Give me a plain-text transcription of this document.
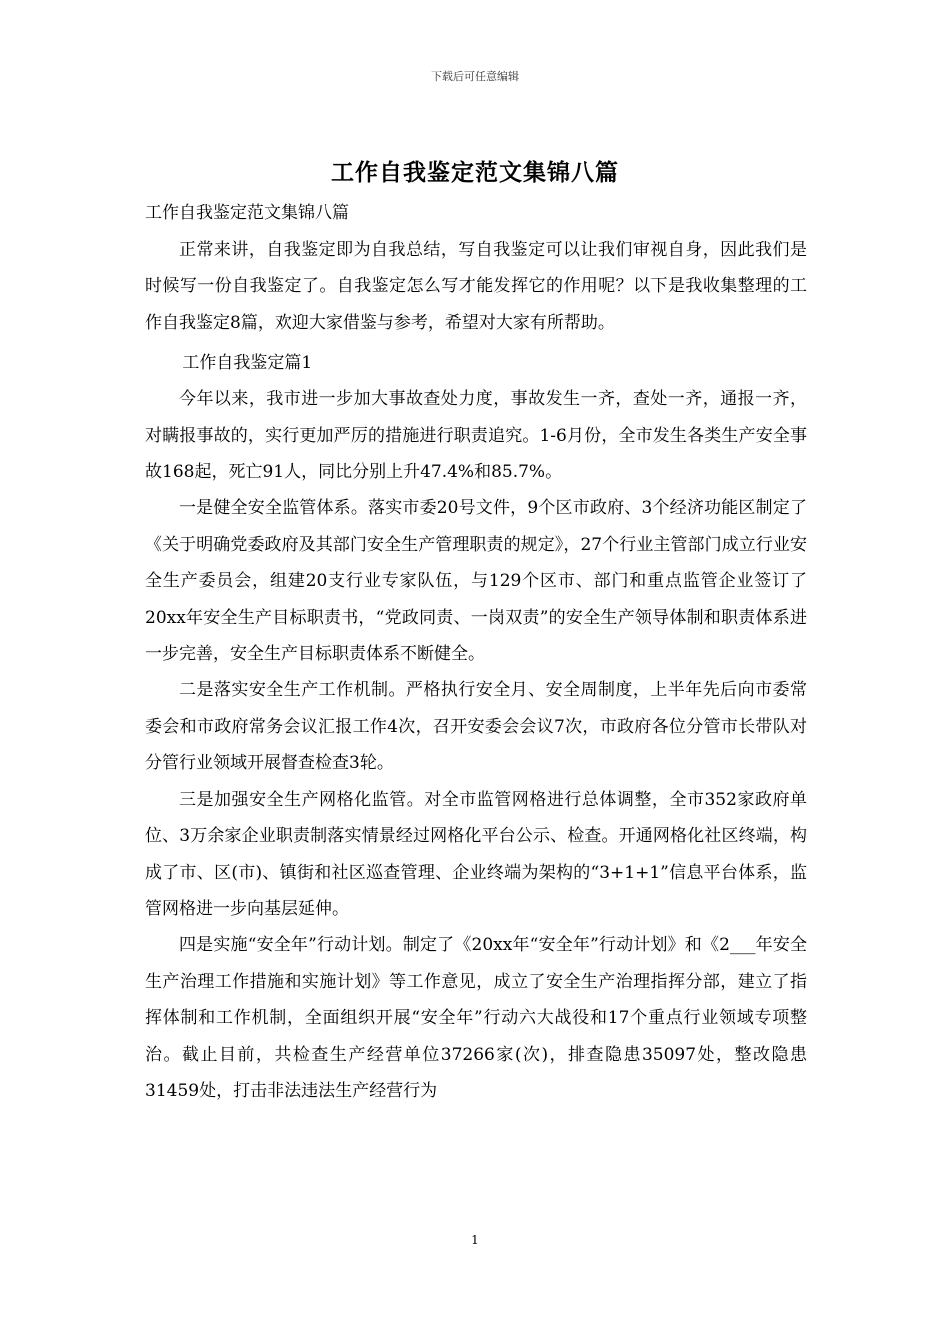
下载后可任意编辑
工作自我鉴定范文集锦八篇

工作自我鉴定范文集锦八篇

正常来讲，自我鉴定即为自我总结，写自我鉴定可以让我们审视自身，因此我们是时候写一份自我鉴定了。自我鉴定怎么写才能发挥它的作用呢？以下是我收集整理的工作自我鉴定8篇，欢迎大家借鉴与参考，希望对大家有所帮助。

工作自我鉴定篇1

今年以来，我市进一步加大事故查处力度，事故发生一齐，查处一齐，通报一齐，对瞒报事故的，实行更加严厉的措施进行职责追究。1-6月份，全市发生各类生产安全事故168起，死亡91人，同比分别上升47.4%和85.7%。

一是健全安全监管体系。落实市委20号文件，9个区市政府、3个经济功能区制定了《关于明确党委政府及其部门安全生产管理职责的规定》，27个行业主管部门成立行业安全生产委员会，组建20支行业专家队伍，与129个区市、部门和重点监管企业签订了20xx年安全生产目标职责书，“党政同责、一岗双责”的安全生产领导体制和职责体系进一步完善，安全生产目标职责体系不断健全。

二是落实安全生产工作机制。严格执行安全月、安全周制度，上半年先后向市委常委会和市政府常务会议汇报工作4次，召开安委会会议7次，市政府各位分管市长带队对分管行业领域开展督查检查3轮。

三是加强安全生产网格化监管。对全市监管网格进行总体调整，全市352家政府单位、3万余家企业职责制落实情景经过网格化平台公示、检查。开通网格化社区终端，构成了市、区(市)、镇街和社区巡查管理、企业终端为架构的“3+1+1”信息平台体系，监管网格进一步向基层延伸。

四是实施“安全年”行动计划。制定了《20xx年“安全年”行动计划》和《2___年安全生产治理工作措施和实施计划》等工作意见，成立了安全生产治理指挥分部，建立了指挥体制和工作机制，全面组织开展“安全年”行动六大战役和17个重点行业领域专项整治。截止目前，共检查生产经营单位37266家(次)，排查隐患35097处，整改隐患31459处，打击非法违法生产经营行为

1
